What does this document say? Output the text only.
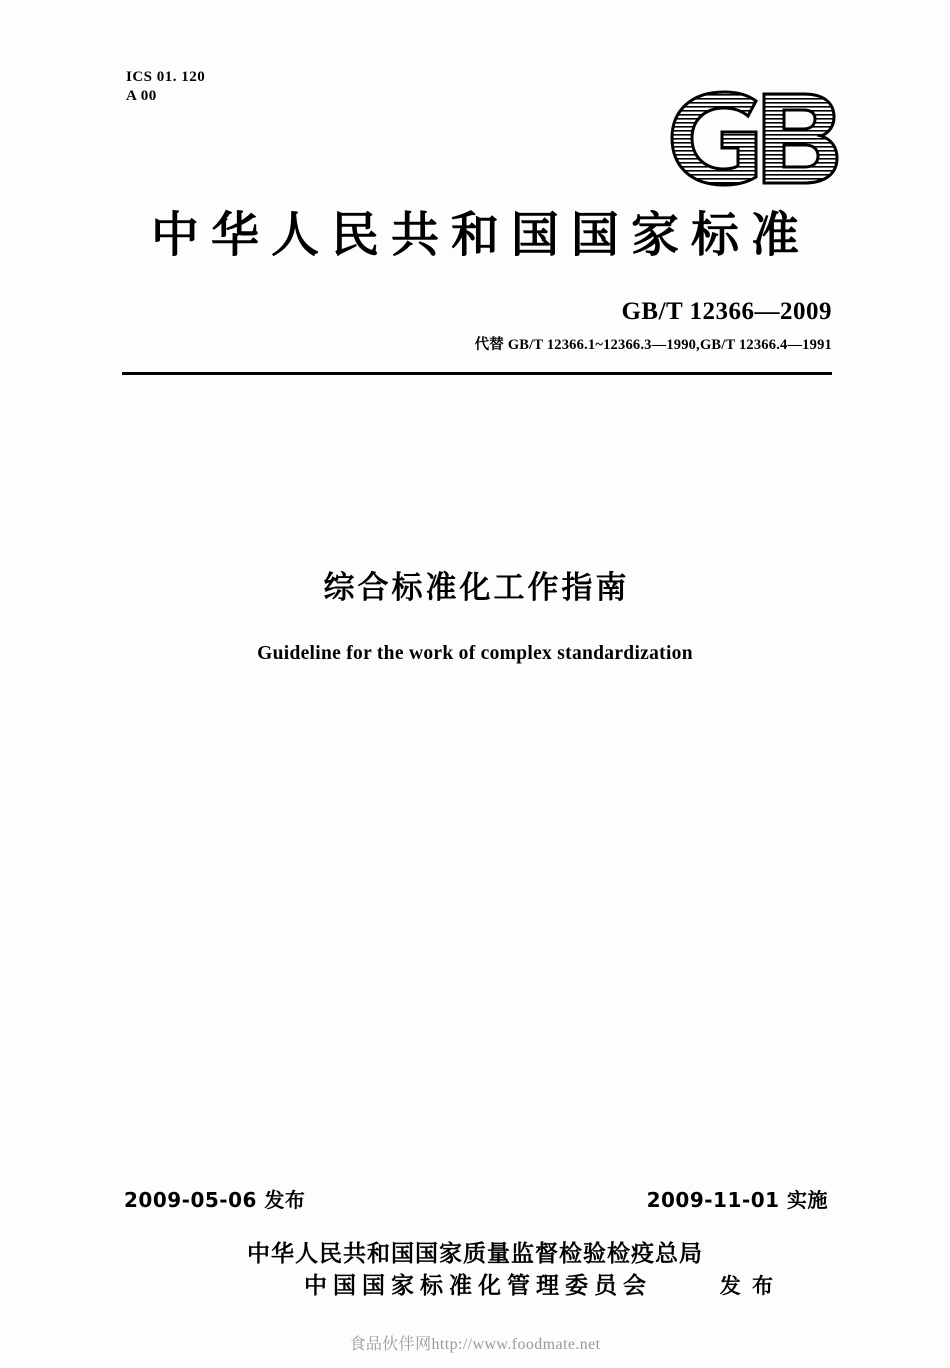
ICS 01. 120
A 00
中华人民共和国国家标准
GB/T 12366—2009
代替 GB/T 12366.1~12366.3—1990,GB/T 12366.4—1991
综合标准化工作指南
Guideline for the work of complex standardization
2009-05-06 发布	2009-11-01 实施
中华人民共和国国家质量监督检验检疫总局
中国国家标准化管理委员会	发 布
食品伙伴网http://www.foodmate.net
